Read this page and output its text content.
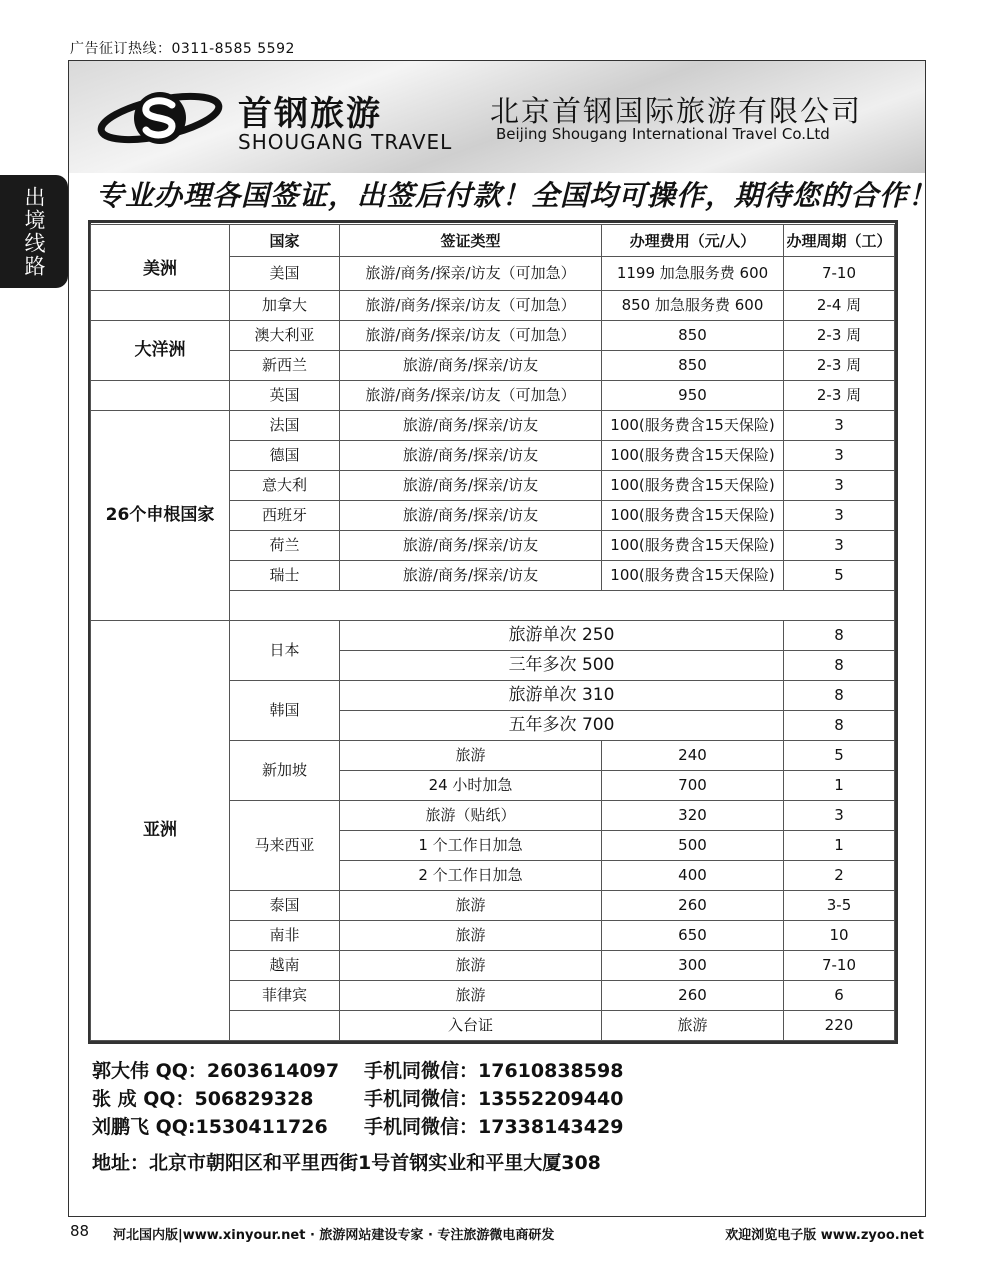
广告征订热线：0311-8585 5592
首钢旅游
SHOUGANG TRAVEL
北京首钢国际旅游有限公司
Beijing Shougang International Travel Co.Ltd
专业办理各国签证，出签后付款！全国均可操作，期待您的合作！
出境线路
		国家	签证类型	办理费用（元/人）	办理周期（工）	
美洲	美国	旅游/商务/探亲/访友（可加急）	1199 加急服务费 600	7-10	
	加拿大	旅游/商务/探亲/访友（可加急）	850 加急服务费 600	2-4 周	
大洋洲	澳大利亚	旅游/商务/探亲/访友（可加急）	850	2-3 周	
	新西兰	旅游/商务/探亲/访友	850	2-3 周	
	英国	旅游/商务/探亲/访友（可加急）	950	2-3 周	
26个申根国家	法国	旅游/商务/探亲/访友	100(服务费含15天保险)	3	
	德国	旅游/商务/探亲/访友	100(服务费含15天保险)	3	
	意大利	旅游/商务/探亲/访友	100(服务费含15天保险)	3	
	西班牙	旅游/商务/探亲/访友	100(服务费含15天保险)	3	
	荷兰	旅游/商务/探亲/访友	100(服务费含15天保险)	3	
	瑞士	旅游/商务/探亲/访友	100(服务费含15天保险)	5	

亚洲	日本	旅游单次 250		8	
		三年多次 500		8	
	韩国	旅游单次 310		8	
		五年多次 700		8	
	新加坡	旅游	240	5	
		24 小时加急	700	1	
	马来西亚	旅游（贴纸）	320	3	
		1 个工作日加急	500	1	
		2 个工作日加急	400	2	
	泰国	旅游	260	3-5	
	南非	旅游	650	10	
	越南	旅游	300	7-10	
	菲律宾	旅游	260	6	
		入台证	旅游	220	
郭大伟 QQ：2603614097	手机同微信：17610838598
张 成 QQ：506829328	手机同微信：13552209440
刘鹏飞 QQ:1530411726	手机同微信：17338143429
地址：北京市朝阳区和平里西街1号首钢实业和平里大厦308
88 河北国内版|www.xinyour.net · 旅游网站建设专家 · 专注旅游微电商研发	欢迎浏览电子版 www.zyoo.net
